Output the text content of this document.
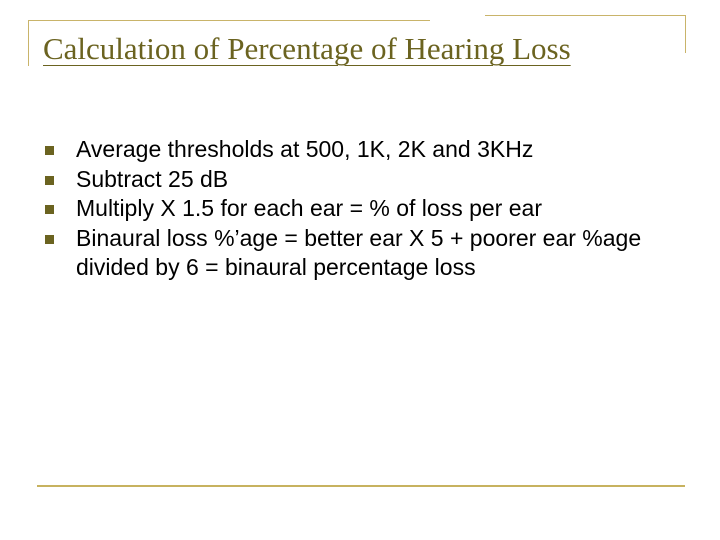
Calculation of Percentage of Hearing Loss
Average thresholds at 500, 1K, 2K and 3KHz
Subtract 25 dB
Multiply X 1.5 for each ear = % of loss per ear
Binaural loss %’age = better ear X 5 + poorer ear %age divided by 6 = binaural percentage loss
